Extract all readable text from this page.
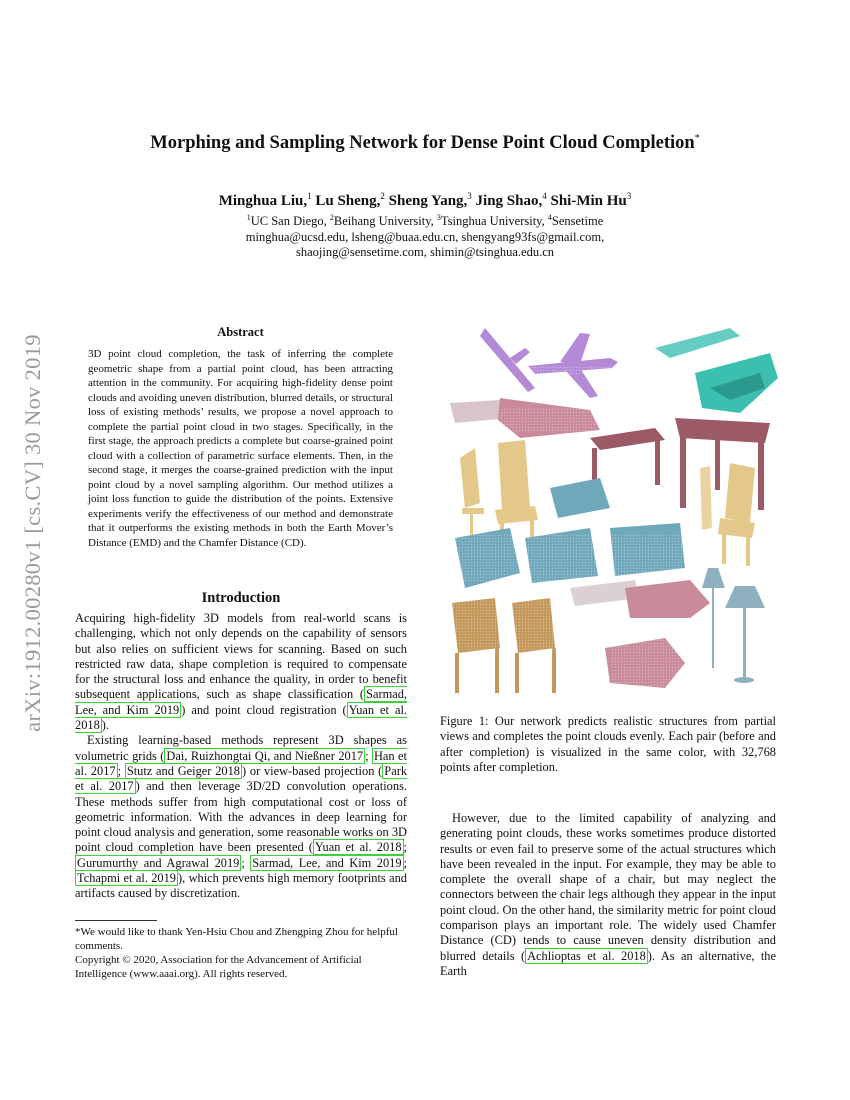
arXiv:1912.00280v1 [cs.CV] 30 Nov 2019
Morphing and Sampling Network for Dense Point Cloud Completion*
Minghua Liu,$^1$ Lu Sheng,$^2$ Sheng Yang,$^3$ Jing Shao,$^4$ Shi-Min Hu$^3$
$^1$UC San Diego, $^2$Beihang University, $^3$Tsinghua University, $^4$Sensetime
minghua@ucsd.edu, lsheng@buaa.edu.cn, shengyang93fs@gmail.com,
shaojing@sensetime.com, shimin@tsinghua.edu.cn
Abstract
3D point cloud completion, the task of inferring the complete geometric shape from a partial point cloud, has been attracting attention in the community. For acquiring high-fidelity dense point clouds and avoiding uneven distribution, blurred details, or structural loss of existing methods’ results, we propose a novel approach to complete the partial point cloud in two stages. Specifically, in the first stage, the approach predicts a complete but coarse-grained point cloud with a collection of parametric surface elements. Then, in the second stage, it merges the coarse-grained prediction with the input point cloud by a novel sampling algorithm. Our method utilizes a joint loss function to guide the distribution of the points. Extensive experiments verify the effectiveness of our method and demonstrate that it outperforms the existing methods in both the Earth Mover’s Distance (EMD) and the Chamfer Distance (CD).
Introduction

Acquiring high-fidelity 3D models from real-world scans is challenging, which not only depends on the capability of sensors but also relies on sufficient views for scanning. Based on such restricted raw data, shape completion is required to compensate for the structural loss and enhance the quality, in order to benefit subsequent applications, such as shape classification ( Sarmad, Lee, and Kim 2019 ) and point cloud registration ( Yuan et al. 2018 ).

Existing learning-based methods represent 3D shapes as volumetric grids ( Dai, Ruizhongtai Qi, and Nießner 2017 ; Han et al. 2017 ; Stutz and Geiger 2018 ) or view-based projection ( Park et al. 2017 ) and then leverage 3D/2D convolution operations. These methods suffer from high computational cost or loss of geometric information. With the advances in deep learning for point cloud analysis and generation, some reasonable works on 3D point cloud completion have been presented ( Yuan et al. 2018 ; Gurumurthy and Agrawal 2019 ; Sarmad, Lee, and Kim 2019 ; Tchapmi et al. 2019 ), which prevents high memory footprints and artifacts caused by discretization.

*We would like to thank Yen-Hsiu Chou and Zhengping Zhou for helpful comments.

Copyright © 2020, Association for the Advancement of Artificial Intelligence (www.aaai.org). All rights reserved.

Figure 1: Our network predicts realistic structures from partial views and completes the point clouds evenly. Each pair (before and after completion) is visualized in the same color, with 32,768 points after completion.

However, due to the limited capability of analyzing and generating point clouds, these works sometimes produce distorted results or even fail to preserve some of the actual structures which have been revealed in the input. For example, they may be able to complete the overall shape of a chair, but may neglect the connectors between the chair legs although they appear in the input point cloud. On the other hand, the similarity metric for point cloud comparison plays an important role. The widely used Chamfer Distance (CD) tends to cause uneven density distribution and blurred details ( Achlioptas et al. 2018 ). As an alternative, the Earth
